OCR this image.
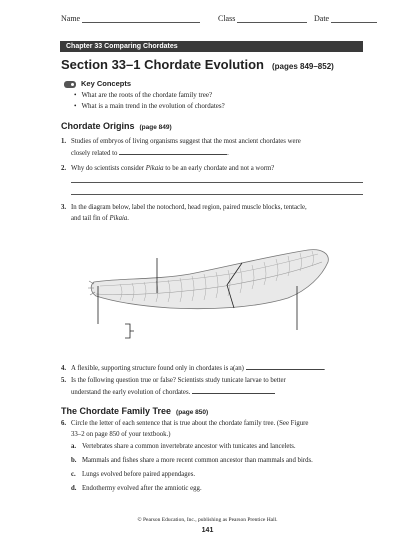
Name	Class	Date
Chapter 33 Comparing Chordates
Section 33–1 Chordate Evolution (pages 849–852)
Key Concepts
• What are the roots of the chordate family tree?
• What is a main trend in the evolution of chordates?
Chordate Origins (page 849)
1. Studies of embryos of living organisms suggest that the most ancient chordates were
closely related to	.
2. Why do scientists consider Pikaia to be an early chordate and not a worm?
3. In the diagram below, label the notochord, head region, paired muscle blocks, tentacle,
and tail fin of Pikaia.
4. A flexible, supporting structure found only in chordates is a(an)	.
5. Is the following question true or false? Scientists study tunicate larvae to better
understand the early evolution of chordates.
The Chordate Family Tree (page 850)
6. Circle the letter of each sentence that is true about the chordate family tree. (See Figure
33–2 on page 850 of your textbook.)
a. Vertebrates share a common invertebrate ancestor with tunicates and lancelets.
b. Mammals and fishes share a more recent common ancestor than mammals and birds.
c. Lungs evolved before paired appendages.
d. Endothermy evolved after the amniotic egg.
© Pearson Education, Inc., publishing as Pearson Prentice Hall.
141
